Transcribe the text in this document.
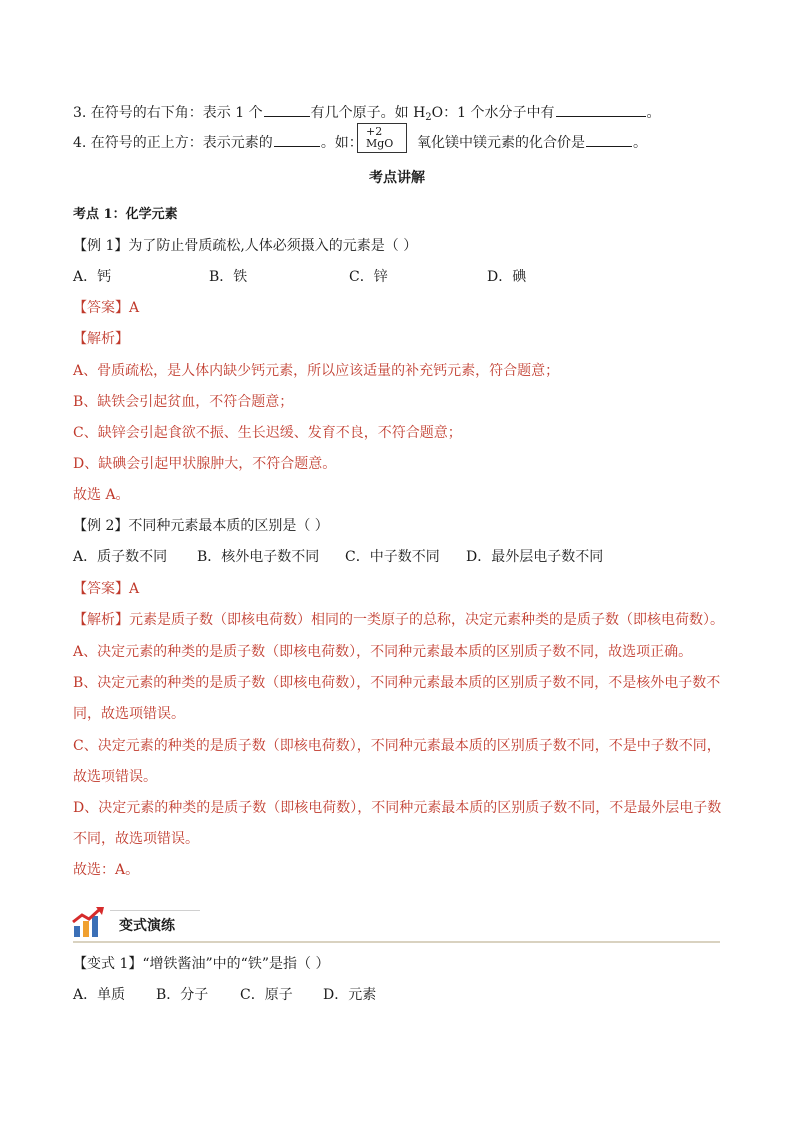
3. 在符号的右下角：表示 1 个	有几个原子。如 $H_2O$：1 个水分子中有	。
4. 在符号的正上方：表示元素的	。如：
+2
MgO	氧化镁中镁元素的化合价是	。
考点讲解
考点 1：化学元素
【例 1】为了防止骨质疏松,人体必须摄入的元素是（ ）
A．钙	B．铁	C．锌	D．碘
【答案】A
【解析】
A、骨质疏松，是人体内缺少钙元素，所以应该适量的补充钙元素，符合题意；
B、缺铁会引起贫血，不符合题意；
C、缺锌会引起食欲不振、生长迟缓、发育不良，不符合题意；
D、缺碘会引起甲状腺肿大，不符合题意。
故选 A。
【例 2】不同种元素最本质的区别是（ ）
A．质子数不同 B．核外电子数不同 C．中子数不同 D．最外层电子数不同
【答案】A
【解析】元素是质子数（即核电荷数）相同的一类原子的总称，决定元素种类的是质子数（即核电荷数）。
A、决定元素的种类的是质子数（即核电荷数），不同种元素最本质的区别质子数不同，故选项正确。
B、决定元素的种类的是质子数（即核电荷数），不同种元素最本质的区别质子数不同，不是核外电子数不
同，故选项错误。
C、决定元素的种类的是质子数（即核电荷数），不同种元素最本质的区别质子数不同，不是中子数不同，
故选项错误。
D、决定元素的种类的是质子数（即核电荷数），不同种元素最本质的区别质子数不同，不是最外层电子数
不同，故选项错误。
故选：A。
变式演练
【变式 1】“增铁酱油”中的“铁”是指（ ）
A．单质 B．分子 C．原子 D．元素
